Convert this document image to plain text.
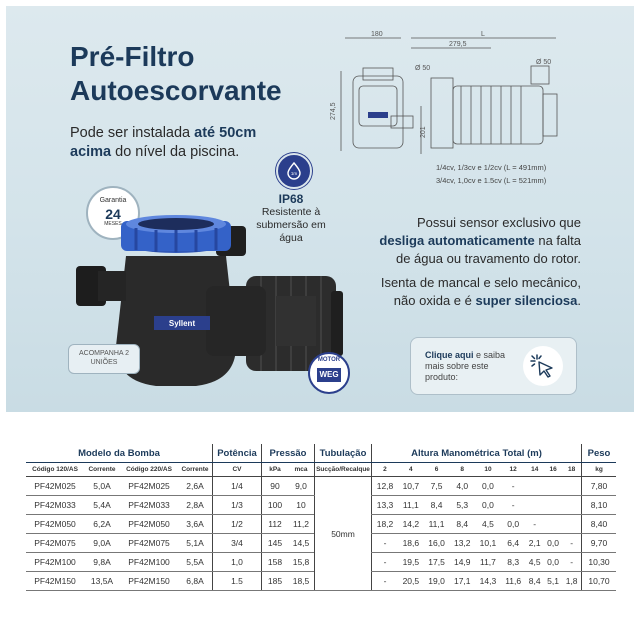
Pré-Filtro
Autoescorvante
Pode ser instalada até 50cm
acima do nível da piscina.
Garantia
24
MESES
1m
IP68
Resistente à submersão em água
180
279,5
L
Ø 50
Ø 50
274,5
201
1/4cv, 1/3cv e 1/2cv (L = 491mm)
3/4cv, 1,0cv e 1.5cv (L = 521mm)
Syllent
ACOMPANHA 2 UNIÕES	MOTOR
WEG
Possui sensor exclusivo que
desliga automaticamente na falta
de água ou travamento do rotor.
Isenta de mancal e selo mecânico,
não oxida e é super silenciosa.
Clique aqui e saiba mais sobre este produto:
Modelo da Bomba				Potência	Pressão		Tubulação	Altura Manométrica Total (m)									Peso
Código 120/AS	Corrente	Código 220/AS	Corrente	CV	kPa	mca	Sucção/Recalque	2	4	6	8	10	12	14	16	18	kg
PF42M025	5,0A	PF42M025	2,6A	1/4	90	9,0	50mm	12,8	10,7	7,5	4,0	0,0	-				7,80
PF42M033	5,4A	PF42M033	2,8A	1/3	100	10		13,3	11,1	8,4	5,3	0,0	-				8,10
PF42M050	6,2A	PF42M050	3,6A	1/2	112	11,2		18,2	14,2	11,1	8,4	4,5	0,0	-			8,40
PF42M075	9,0A	PF42M075	5,1A	3/4	145	14,5		-	18,6	16,0	13,2	10,1	6,4	2,1	0,0	-	9,70
PF42M100	9,8A	PF42M100	5,5A	1,0	158	15,8		-	19,5	17,5	14,9	11,7	8,3	4,5	0,0	-	10,30
PF42M150	13,5A	PF42M150	6,8A	1.5	185	18,5		-	20,5	19,0	17,1	14,3	11,6	8,4	5,1	1,8	10,70
